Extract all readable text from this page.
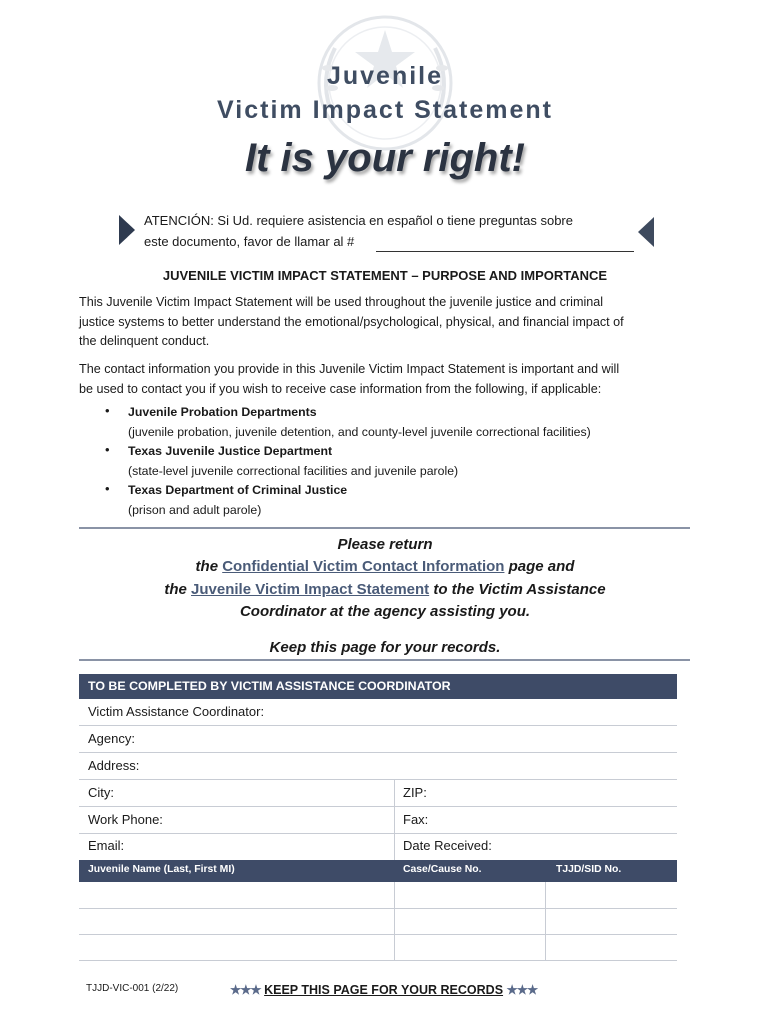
Juvenile
Victim Impact Statement
It is your right!
ATENCIÓN: Si Ud. requiere asistencia en español o tiene preguntas sobre
este documento, favor de llamar al #
JUVENILE VICTIM IMPACT STATEMENT – PURPOSE AND IMPORTANCE
This Juvenile Victim Impact Statement will be used throughout the juvenile justice and criminal
justice systems to better understand the emotional/psychological, physical, and financial impact of
the delinquent conduct.
The contact information you provide in this Juvenile Victim Impact Statement is important and will
be used to contact you if you wish to receive case information from the following, if applicable:
• Juvenile Probation Departments
(juvenile probation, juvenile detention, and county-level juvenile correctional facilities)
• Texas Juvenile Justice Department
(state-level juvenile correctional facilities and juvenile parole)
• Texas Department of Criminal Justice
(prison and adult parole)
Please return
the Confidential Victim Contact Information page and
the Juvenile Victim Impact Statement to the Victim Assistance
Coordinator at the agency assisting you.
Keep this page for your records.
TO BE COMPLETED BY VICTIM ASSISTANCE COORDINATOR
Victim Assistance Coordinator:
Agency:
Address:
City:	ZIP:
Work Phone:	Fax:
Email:	Date Received:
Juvenile Name (Last, First MI)	Case/Cause No.	TJJD/SID No.
TJJD-VIC-001 (2/22)	★★★ KEEP THIS PAGE FOR YOUR RECORDS ★★★
